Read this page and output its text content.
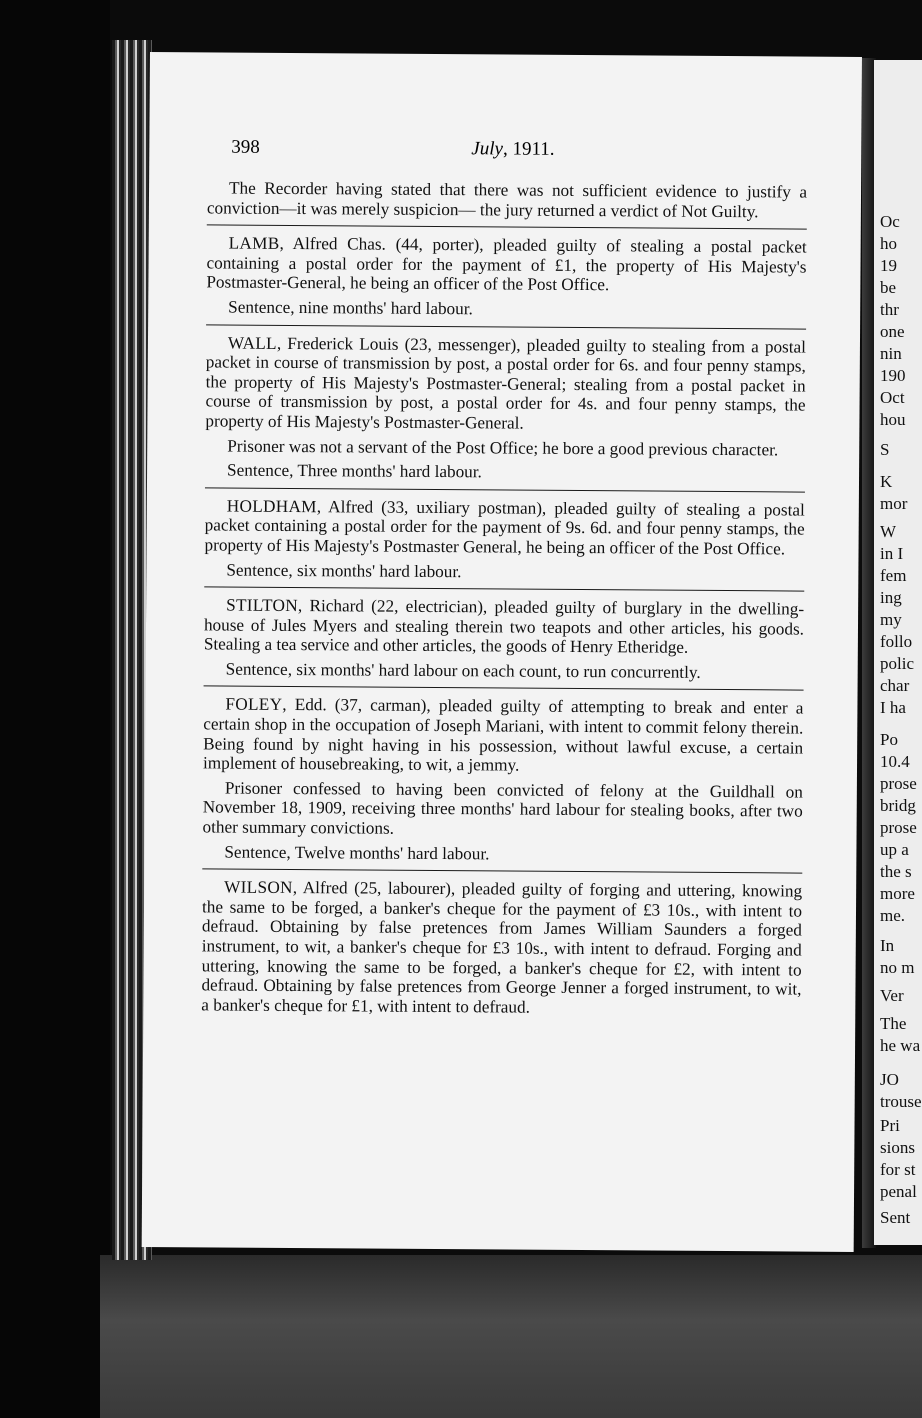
398	July, 1911.

The Recorder having stated that there was not sufficient evidence to justify a conviction—it was merely suspicion— the jury returned a verdict of Not Guilty.

LAMB, Alfred Chas. (44, porter), pleaded guilty of stealing a postal packet containing a postal order for the payment of £1, the property of His Majesty's Postmaster-General, he being an officer of the Post Office.

Sentence, nine months' hard labour.

WALL, Frederick Louis (23, messenger), pleaded guilty to stealing from a postal packet in course of transmission by post, a postal order for 6s. and four penny stamps, the property of His Majesty's Postmaster-General; stealing from a postal packet in course of transmission by post, a postal order for 4s. and four penny stamps, the property of His Majesty's Postmaster-General.

Prisoner was not a servant of the Post Office; he bore a good previous character.

Sentence, Three months' hard labour.

HOLDHAM, Alfred (33, uxiliary postman), pleaded guilty of stealing a postal packet containing a postal order for the payment of 9s. 6d. and four penny stamps, the property of His Majesty's Postmaster General, he being an officer of the Post Office.

Sentence, six months' hard labour.

STILTON, Richard (22, electrician), pleaded guilty of burglary in the dwelling-house of Jules Myers and stealing therein two teapots and other articles, his goods. Stealing a tea service and other articles, the goods of Henry Etheridge.

Sentence, six months' hard labour on each count, to run concurrently.

FOLEY, Edd. (37, carman), pleaded guilty of attempting to break and enter a certain shop in the occupation of Joseph Mariani, with intent to commit felony therein. Being found by night having in his possession, without lawful excuse, a certain implement of housebreaking, to wit, a jemmy.

Prisoner confessed to having been convicted of felony at the Guildhall on November 18, 1909, receiving three months' hard labour for stealing books, after two other summary convictions.

Sentence, Twelve months' hard labour.

WILSON, Alfred (25, labourer), pleaded guilty of forging and uttering, knowing the same to be forged, a banker's cheque for the payment of £3 10s., with intent to defraud. Obtaining by false pretences from James William Saunders a forged instrument, to wit, a banker's cheque for £3 10s., with intent to defraud. Forging and uttering, knowing the same to be forged, a banker's cheque for £2, with intent to defraud. Obtaining by false pretences from George Jenner a forged instrument, to wit, a banker's cheque for £1, with intent to defraud.

Oc
ho
19
be
thr
one
nin
190
Oct
hou
S
K
mor
W
in I
fem
ing
my
follo
polic
char
I ha
Po
10.4
prose
bridg
prose
up a
the s
more
me.
In
no m
Ver
The
he wa
JO
trouse
Pri
sions
for st
penal
Sent
